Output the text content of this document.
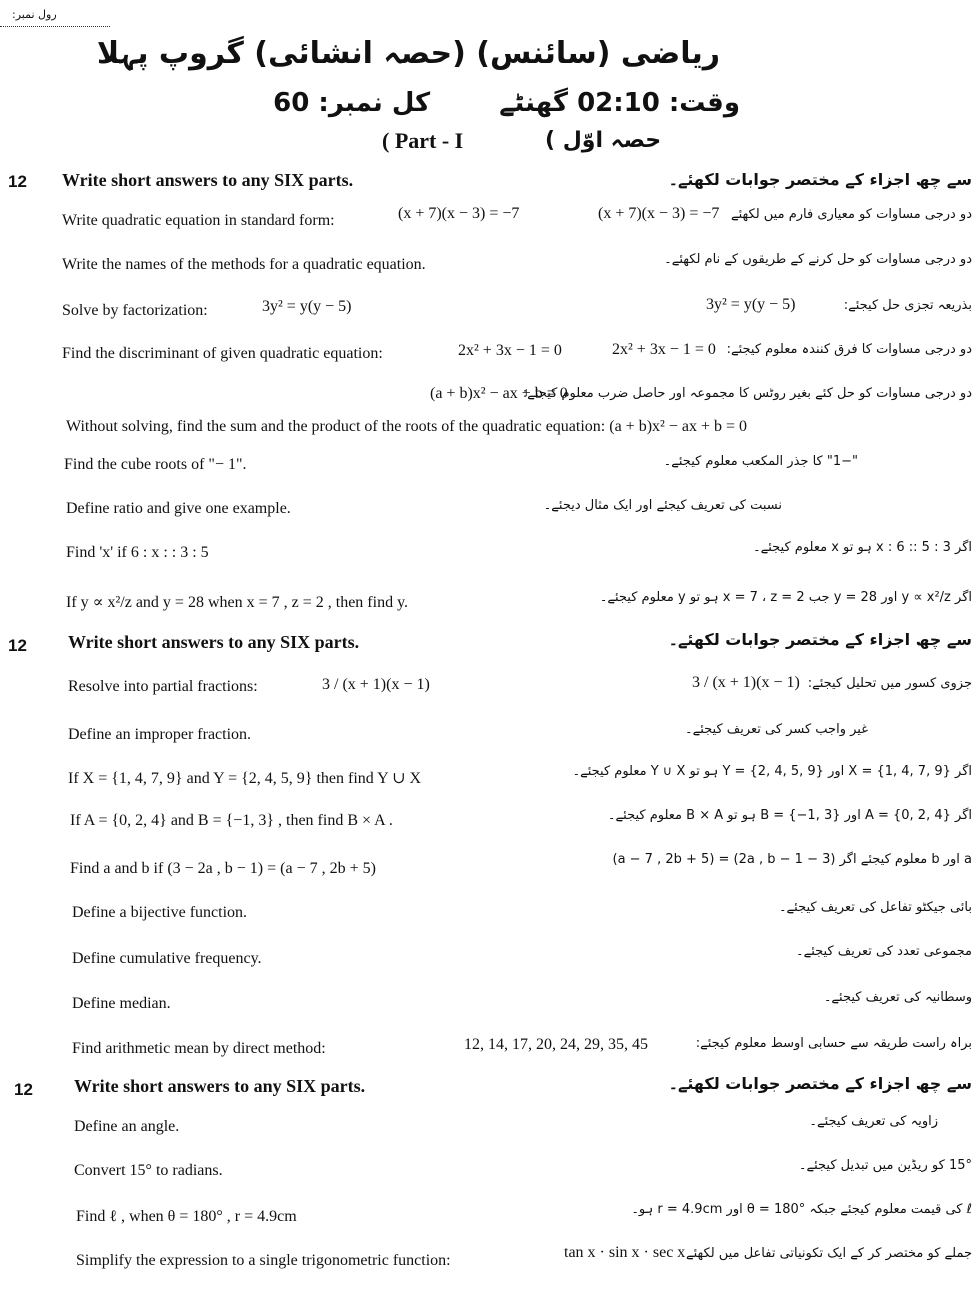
رول نمبر:
ریاضی (سائنس) (حصہ انشائی) گروپ پہلا
وقت: 02:10 گھنٹے کل نمبر: 60
( Part - I	حصہ اوّل )
12 Write short answers to any SIX parts.	سے چھ اجزاء کے مختصر جوابات لکھئے۔
Write quadratic equation in standard form:	(x + 7)(x − 3) = −7	(x + 7)(x − 3) = −7 دو درجی مساوات کو معیاری فارم میں لکھئے
Write the names of the methods for a quadratic equation.	دو درجی مساوات کو حل کرنے کے طریقوں کے نام لکھئے۔
Solve by factorization:	3y² = y(y − 5)	3y² = y(y − 5)	بذریعہ تجزی حل کیجئے:
Find the discriminant of given quadratic equation:	2x² + 3x − 1 = 0	2x² + 3x − 1 = 0 دو درجی مساوات کا فرق کنندہ معلوم کیجئے:
(a + b)x² − ax + b = 0
دو درجی مساوات کو حل کئے بغیر روٹس کا مجموعہ اور حاصل ضرب معلوم کیجئے:
Without solving, find the sum and the product of the roots of the quadratic equation: (a + b)x² − ax + b = 0
Find the cube roots of "− 1".	"−1" کا جذر المکعب معلوم کیجئے۔
Define ratio and give one example.	نسبت کی تعریف کیجئے اور ایک مثال دیجئے۔
Find 'x' if 6 : x : : 3 : 5	اگر 3 : 5 :: 6 : x ہو تو x معلوم کیجئے۔
If y ∝ x²/z and y = 28 when x = 7 , z = 2 , then find y.	اگر y ∝ x²/z اور y = 28 جب x = 7 ، z = 2 ہو تو y معلوم کیجئے۔
12 Write short answers to any SIX parts.	سے چھ اجزاء کے مختصر جوابات لکھئے۔
Resolve into partial fractions:	3 / (x + 1)(x − 1)	3 / (x + 1)(x − 1) جزوی کسور میں تحلیل کیجئے:
Define an improper fraction.	غیر واجب کسر کی تعریف کیجئے۔
If X = {1, 4, 7, 9} and Y = {2, 4, 5, 9} then find Y ∪ X	اگر X = {1, 4, 7, 9} اور Y = {2, 4, 5, 9} ہو تو Y ∪ X معلوم کیجئے۔
If A = {0, 2, 4} and B = {−1, 3} , then find B × A .	اگر A = {0, 2, 4} اور B = {−1, 3} ہو تو B × A معلوم کیجئے۔
Find a and b if (3 − 2a , b − 1) = (a − 7 , 2b + 5)
a اور b معلوم کیجئے اگر (3 − 2a , b − 1) = (a − 7 , 2b + 5)
Define a bijective function.	بائی جیکٹو تفاعل کی تعریف کیجئے۔
Define cumulative frequency.	مجموعی تعدد کی تعریف کیجئے۔
Define median.	وسطانیہ کی تعریف کیجئے۔
Find arithmetic mean by direct method:	12, 14, 17, 20, 24, 29, 35, 45	براہ راست طریقہ سے حسابی اوسط معلوم کیجئے:
12 Write short answers to any SIX parts.	سے چھ اجزاء کے مختصر جوابات لکھئے۔
Define an angle.	زاویہ کی تعریف کیجئے۔
Convert 15° to radians.	15° کو ریڈین میں تبدیل کیجئے۔
Find ℓ , when θ = 180° , r = 4.9cm	ℓ کی قیمت معلوم کیجئے جبکہ θ = 180° اور r = 4.9cm ہو۔
Simplify the expression to a single trigonometric function:	tan x · sin x · sec x جملے کو مختصر کر کے ایک تکونیاتی تفاعل میں لکھئے
